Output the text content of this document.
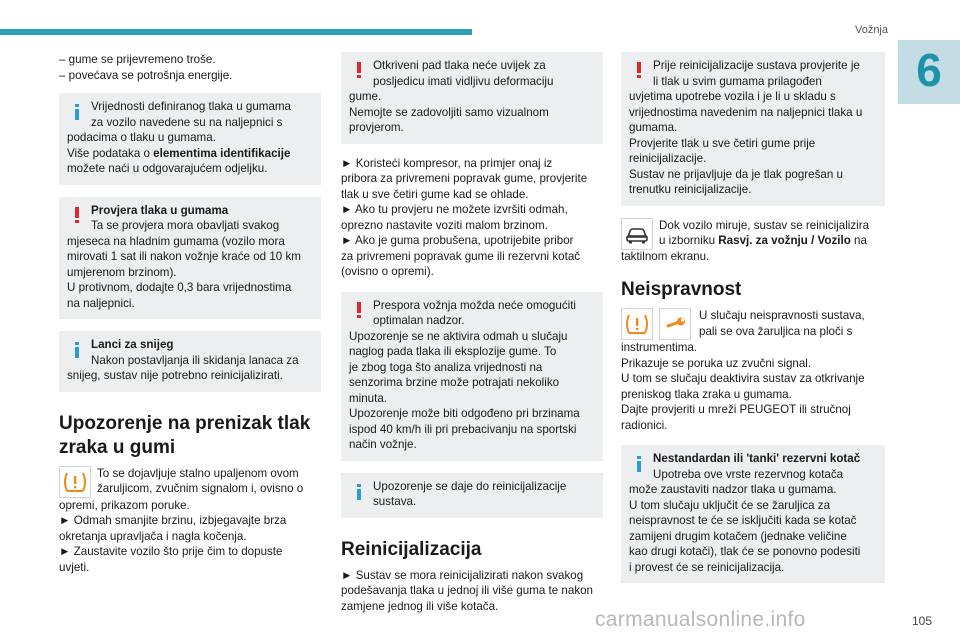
Vožnja
6
– gume se prijevremeno troše.
– povećava se potrošnja energije.
Vrijednosti definiranog tlaka u gumama
za vozilo navedene su na naljepnici s
podacima o tlaku u gumama.
Više podataka o elementima identifikacije
možete naći u odgovarajućem odjeljku.
Provjera tlaka u gumama
Ta se provjera mora obavljati svakog
mjeseca na hladnim gumama (vozilo mora
mirovati 1 sat ili nakon vožnje kraće od 10 km
umjerenom brzinom).
U protivnom, dodajte 0,3 bara vrijednostima
na naljepnici.
Lanci za snijeg
Nakon postavljanja ili skidanja lanaca za
snijeg, sustav nije potrebno reinicijalizirati.
Upozorenje na prenizak tlak zraka u gumi
To se dojavljuje stalno upaljenom ovom
žaruljicom, zvučnim signalom i, ovisno o
opremi, prikazom poruke.
► Odmah smanjite brzinu, izbjegavajte brza
okretanja upravljača i nagla kočenja.
► Zaustavite vozilo što prije čim to dopuste
uvjeti.
Otkriveni pad tlaka neće uvijek za
posljedicu imati vidljivu deformaciju
gume.
Nemojte se zadovoljiti samo vizualnom
provjerom.
► Koristeći kompresor, na primjer onaj iz
pribora za privremeni popravak gume, provjerite
tlak u sve četiri gume kad se ohlade.
► Ako tu provjeru ne možete izvršiti odmah,
oprezno nastavite voziti malom brzinom.
► Ako je guma probušena, upotrijebite pribor
za privremeni popravak gume ili rezervni kotač
(ovisno o opremi).
Prespora vožnja možda neće omogućiti
optimalan nadzor.
Upozorenje se ne aktivira odmah u slučaju
naglog pada tlaka ili eksplozije gume. To
je zbog toga što analiza vrijednosti na
senzorima brzine može potrajati nekoliko
minuta.
Upozorenje može biti odgođeno pri brzinama
ispod 40 km/h ili pri prebacivanju na sportski
način vožnje.
Upozorenje se daje do reinicijalizacije
sustava.
Reinicijalizacija
► Sustav se mora reinicijalizirati nakon svakog
podešavanja tlaka u jednoj ili više guma te nakon
zamjene jednog ili više kotača.
Prije reinicijalizacije sustava provjerite je
li tlak u svim gumama prilagođen
uvjetima upotrebe vozila i je li u skladu s
vrijednostima navedenim na naljepnici tlaka u
gumama.
Provjerite tlak u sve četiri gume prije
reinicijalizacije.
Sustav ne prijavljuje da je tlak pogrešan u
trenutku reinicijalizacije.
Dok vozilo miruje, sustav se reinicijalizira
u izborniku Rasvj. za vožnju / Vozilo na
taktilnom ekranu.
Neispravnost
U slučaju neispravnosti sustava,
pali se ova žaruljica na ploči s
instrumentima.
Prikazuje se poruka uz zvučni signal.
U tom se slučaju deaktivira sustav za otkrivanje
preniskog tlaka zraka u gumama.
Dajte provjeriti u mreži PEUGEOT ili stručnoj
radionici.
Nestandardan ili 'tanki' rezervni kotač
Upotreba ove vrste rezervnog kotača
može zaustaviti nadzor tlaka u gumama.
U tom slučaju uključit će se žaruljica za
neispravnost te će se isključiti kada se kotač
zamijeni drugim kotačem (jednake veličine
kao drugi kotači), tlak će se ponovno podesiti
i provest će se reinicijalizacija.
105
carmanualsonline.info
